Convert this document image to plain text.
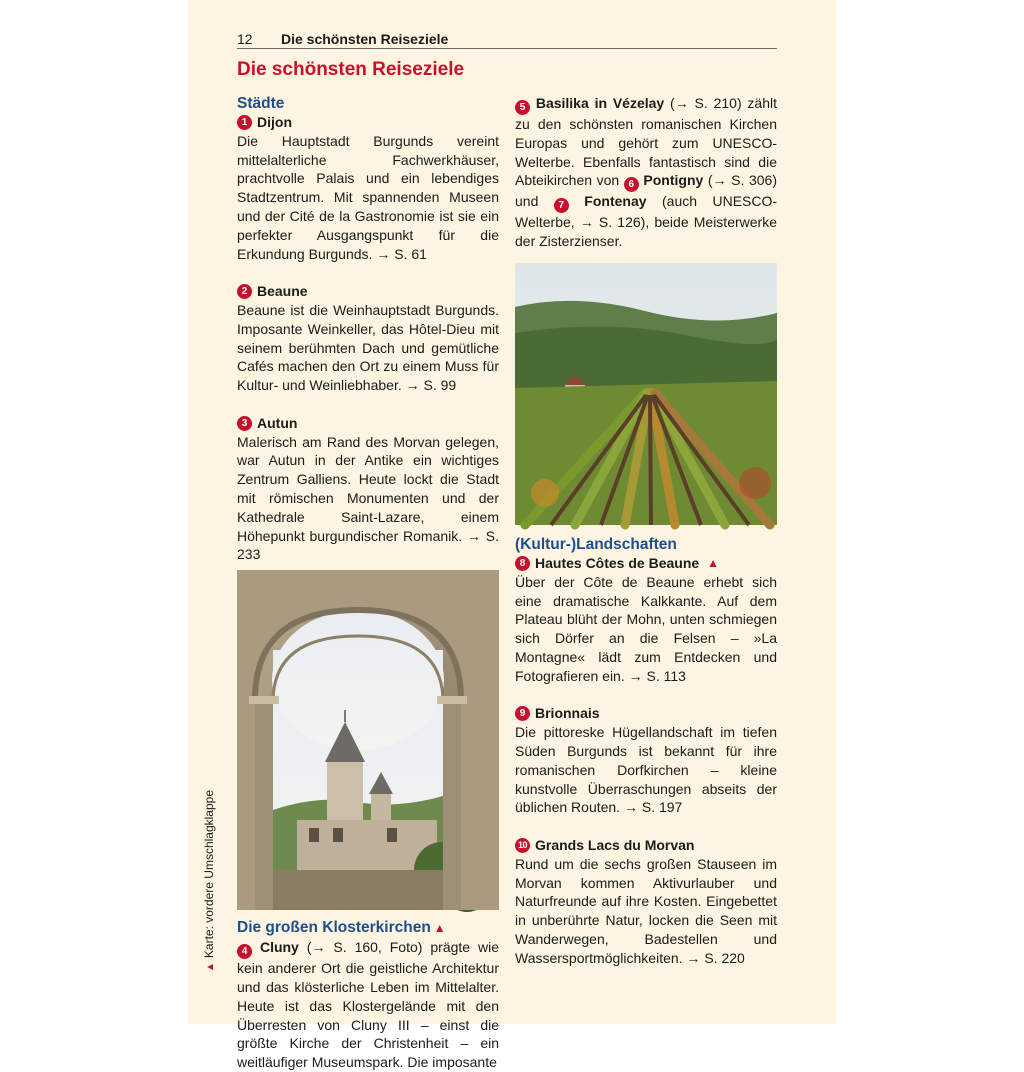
12 Die schönsten Reiseziele
Die schönsten Reiseziele
Städte
1 Dijon

Die Hauptstadt Burgunds vereint mittelalterliche Fachwerkhäuser, prachtvolle Palais und ein lebendiges Stadtzentrum. Mit spannenden Museen und der Cité de la Gastronomie ist sie ein perfekter Ausgangspunkt für die Erkundung Burgunds. → S. 61

2 Beaune

Beaune ist die Weinhauptstadt Burgunds. Imposante Weinkeller, das Hôtel-Dieu mit seinem berühmten Dach und gemütliche Cafés machen den Ort zu einem Muss für Kultur- und Weinliebhaber. → S. 99

3 Autun

Malerisch am Rand des Morvan gelegen, war Autun in der Antike ein wichtiges Zentrum Galliens. Heute lockt die Stadt mit römischen Monumenten und der Kathedrale Saint-Lazare, einem Höhepunkt burgundischer Romanik. → S. 233

Die großen Klosterkirchen ▲

4 Cluny (→ S. 160, Foto) prägte wie kein anderer Ort die geistliche Architektur und das klösterliche Leben im Mittelalter. Heute ist das Klostergelände mit den Überresten von Cluny III – einst die größte Kirche der Christenheit – ein weitläufiger Museumspark. Die imposante

5 Basilika in Vézelay (→ S. 210) zählt zu den schönsten romanischen Kirchen Europas und gehört zum UNESCO-Welterbe. Ebenfalls fantastisch sind die Abteikirchen von 6 Pontigny (→ S. 306) und 7 Fontenay (auch UNESCO-Welterbe, → S. 126), beide Meisterwerke der Zisterzienser.

(Kultur-)Landschaften
8 Hautes Côtes de Beaune ▲

Über der Côte de Beaune erhebt sich eine dramatische Kalkkante. Auf dem Plateau blüht der Mohn, unten schmiegen sich Dörfer an die Felsen – »La Montagne« lädt zum Entdecken und Fotografieren ein. → S. 113

9 Brionnais

Die pittoreske Hügellandschaft im tiefen Süden Burgunds ist bekannt für ihre romanischen Dorfkirchen – kleine kunstvolle Überraschungen abseits der üblichen Routen. → S. 197

10 Grands Lacs du Morvan

Rund um die sechs großen Stauseen im Morvan kommen Aktivurlauber und Naturfreunde auf ihre Kosten. Eingebettet in unberührte Natur, locken die Seen mit Wanderwegen, Badestellen und Wassersportmöglichkeiten. → S. 220

▲Karte: vordere Umschlagklappe
